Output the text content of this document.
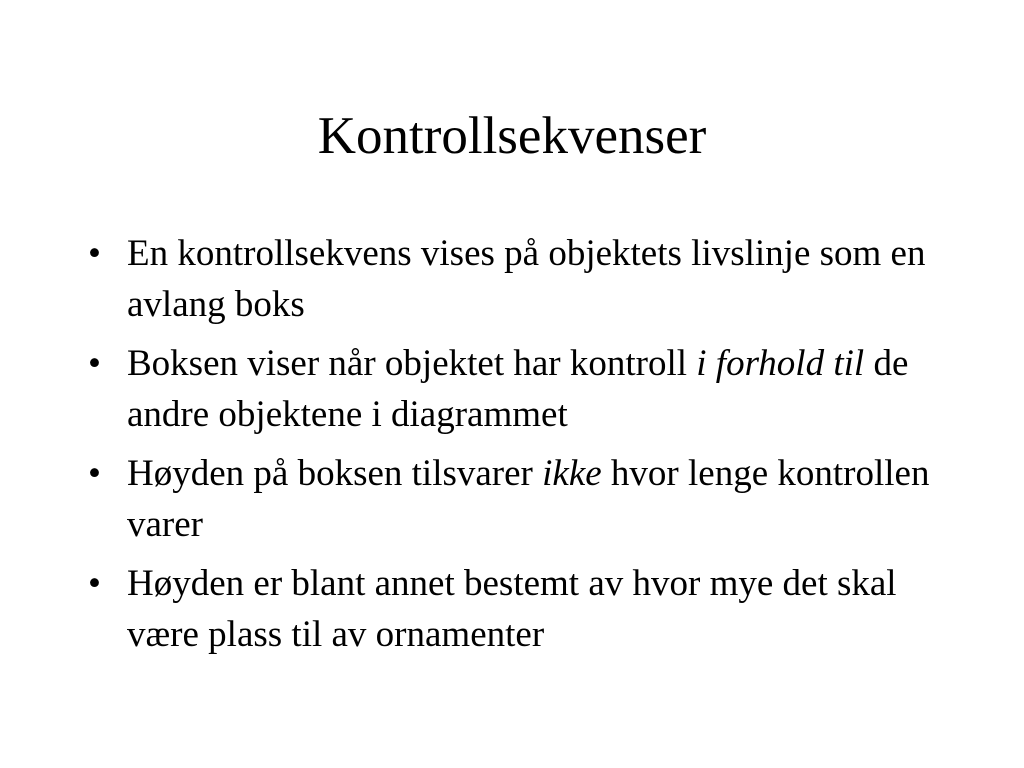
Kontrollsekvenser
• En kontrollsekvens vises på objektets livslinje som en avlang boks
• Boksen viser når objektet har kontroll i forhold til de andre objektene i diagrammet
• Høyden på boksen tilsvarer ikke hvor lenge kontrollen varer
• Høyden er blant annet bestemt av hvor mye det skal være plass til av ornamenter
